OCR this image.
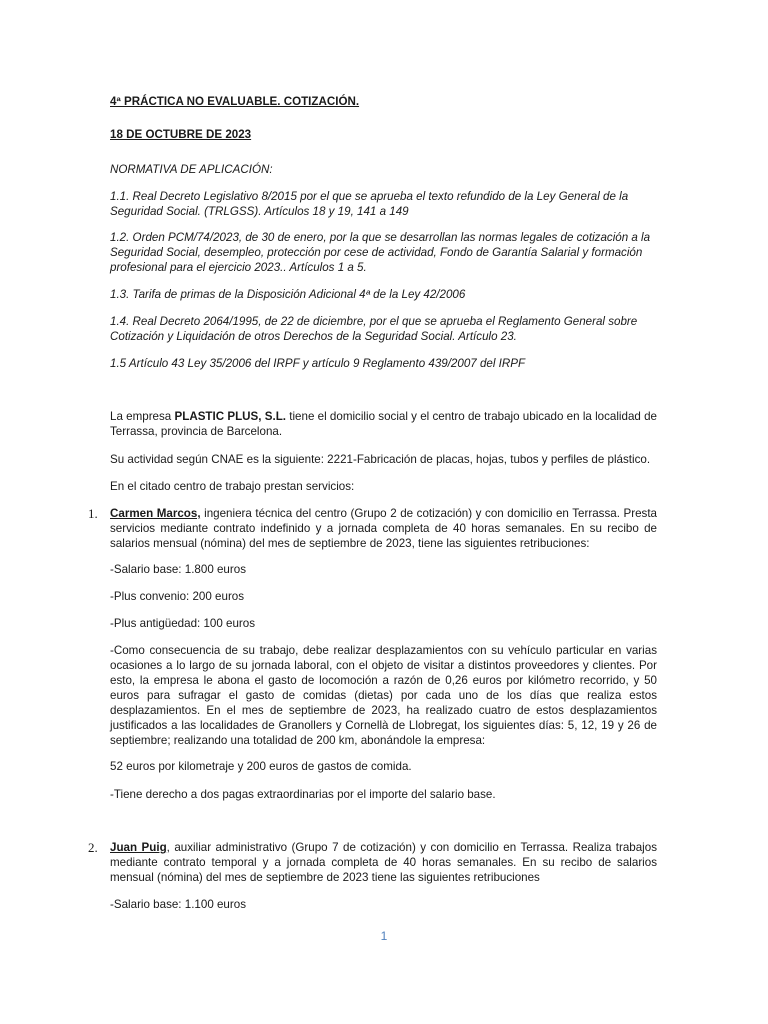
4ª PRÁCTICA NO EVALUABLE. COTIZACIÓN.

18 DE OCTUBRE DE 2023

NORMATIVA DE APLICACIÓN:

1.1. Real Decreto Legislativo 8/2015 por el que se aprueba el texto refundido de la Ley General de la Seguridad Social. (TRLGSS). Artículos 18 y 19, 141 a 149

1.2. Orden PCM/74/2023, de 30 de enero, por la que se desarrollan las normas legales de cotización a la Seguridad Social, desempleo, protección por cese de actividad, Fondo de Garantía Salarial y formación profesional para el ejercicio 2023.. Artículos 1 a 5.

1.3. Tarifa de primas de la Disposición Adicional 4ª de la Ley 42/2006

1.4. Real Decreto 2064/1995, de 22 de diciembre, por el que se aprueba el Reglamento General sobre Cotización y Liquidación de otros Derechos de la Seguridad Social. Artículo 23.

1.5 Artículo 43 Ley 35/2006 del IRPF y artículo 9 Reglamento 439/2007 del IRPF

La empresa PLASTIC PLUS, S.L. tiene el domicilio social y el centro de trabajo ubicado en la localidad de Terrassa, provincia de Barcelona.

Su actividad según CNAE es la siguiente: 2221-Fabricación de placas, hojas, tubos y perfiles de plástico.

En el citado centro de trabajo prestan servicios:

1.	Carmen Marcos, ingeniera técnica del centro (Grupo 2 de cotización) y con domicilio en Terrassa. Presta servicios mediante contrato indefinido y a jornada completa de 40 horas semanales. En su recibo de salarios mensual (nómina) del mes de septiembre de 2023, tiene las siguientes retribuciones:

-Salario base: 1.800 euros

-Plus convenio: 200 euros

-Plus antigüedad: 100 euros

-Como consecuencia de su trabajo, debe realizar desplazamientos con su vehículo particular en varias ocasiones a lo largo de su jornada laboral, con el objeto de visitar a distintos proveedores y clientes. Por esto, la empresa le abona el gasto de locomoción a razón de 0,26 euros por kilómetro recorrido, y 50 euros para sufragar el gasto de comidas (dietas) por cada uno de los días que realiza estos desplazamientos. En el mes de septiembre de 2023, ha realizado cuatro de estos desplazamientos justificados a las localidades de Granollers y Cornellà de Llobregat, los siguientes días: 5, 12, 19 y 26 de septiembre; realizando una totalidad de 200 km, abonándole la empresa:

52 euros por kilometraje y 200 euros de gastos de comida.

-Tiene derecho a dos pagas extraordinarias por el importe del salario base.

2.	Juan Puig, auxiliar administrativo (Grupo 7 de cotización) y con domicilio en Terrassa. Realiza trabajos mediante contrato temporal y a jornada completa de 40 horas semanales. En su recibo de salarios mensual (nómina) del mes de septiembre de 2023 tiene las siguientes retribuciones

-Salario base: 1.100 euros

1
